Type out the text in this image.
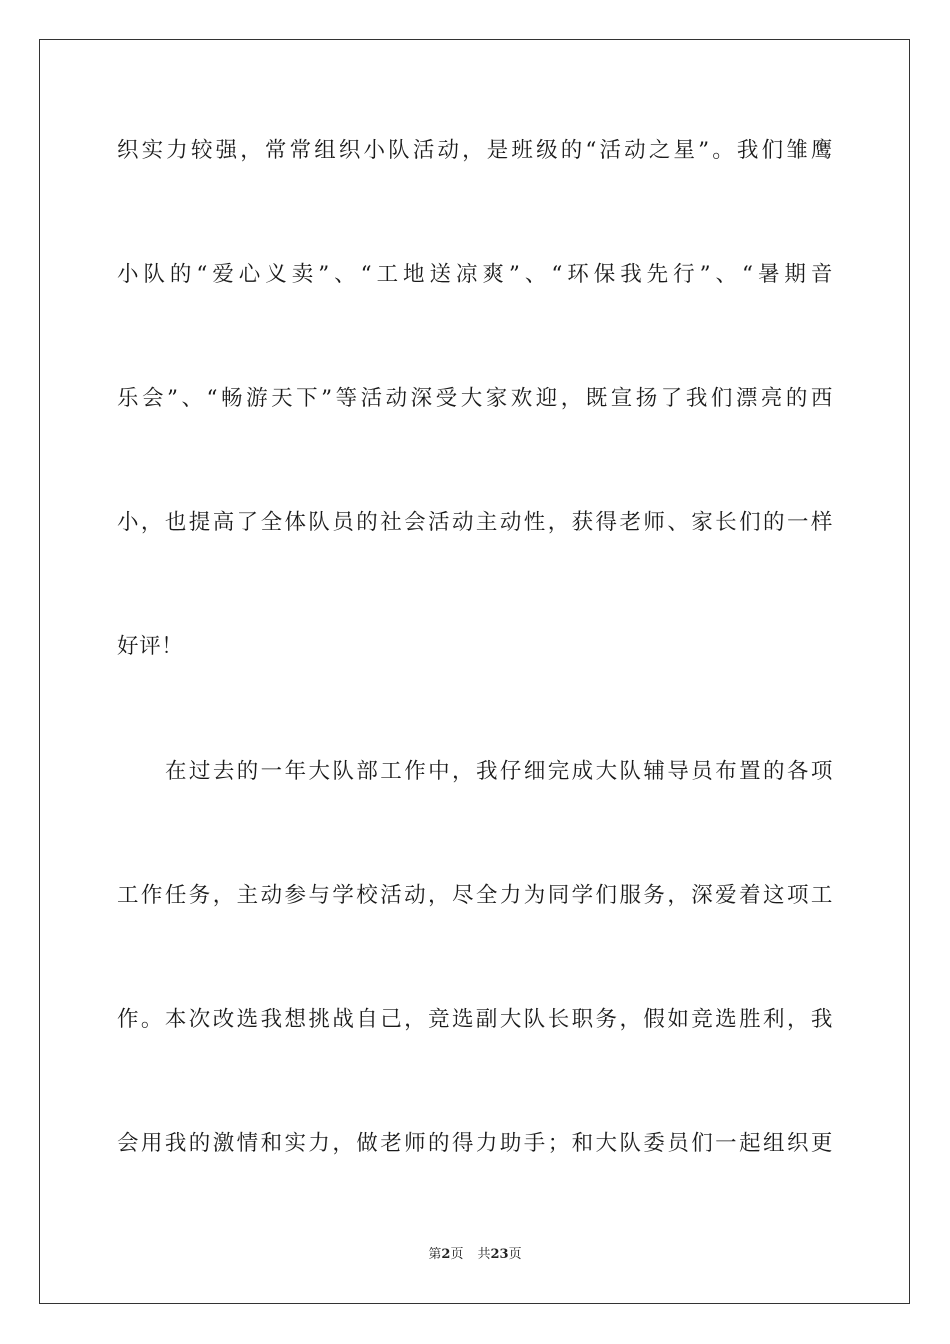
织实力较强，常常组织小队活动，是班级的“活动之星”。我们雏鹰
小队的“爱心义卖”、“工地送凉爽”、“环保我先行”、“暑期音
乐会”、“畅游天下”等活动深受大家欢迎，既宣扬了我们漂亮的西
小，也提高了全体队员的社会活动主动性，获得老师、家长们的一样
好评！
在过去的一年大队部工作中，我仔细完成大队辅导员布置的各项
工作任务，主动参与学校活动，尽全力为同学们服务，深爱着这项工
作。本次改选我想挑战自己，竞选副大队长职务，假如竞选胜利，我
会用我的激情和实力，做老师的得力助手；和大队委员们一起组织更
第2页 共23页
